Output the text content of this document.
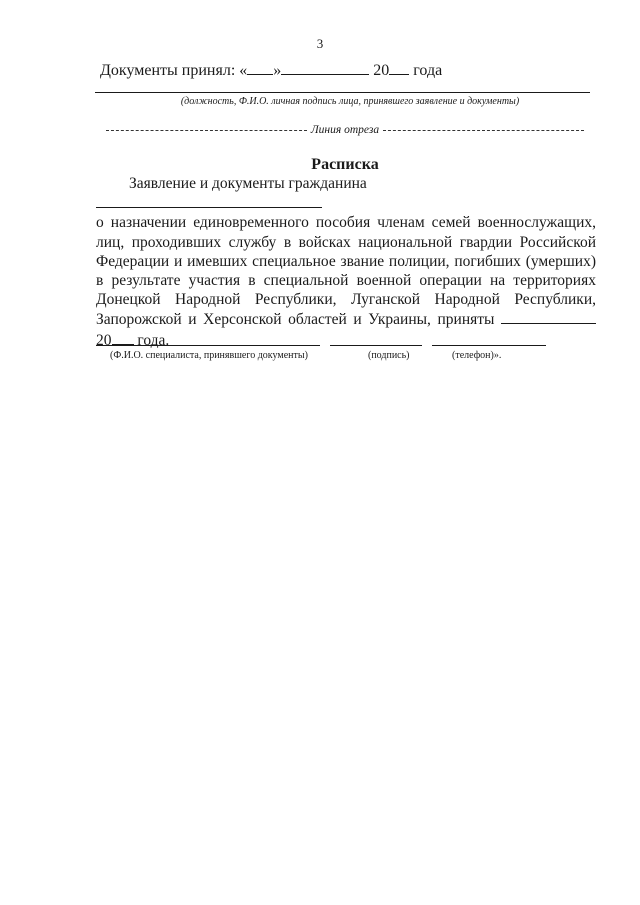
3
Документы принял: « »	20 года
(должность, Ф.И.О. личная подпись лица, принявшего заявление и документы)
Линия отреза
Расписка
Заявление и документы гражданина
о назначении единовременного пособия членам семей военнослужащих, лиц, проходивших службу в войсках национальной гвардии Российской Федерации и имевших специальное звание полиции, погибших (умерших) в результате участия в специальной военной операции на территориях Донецкой Народной Республики, Луганской Народной Республики, Запорожской и Херсонской областей и Украины, приняты  20 года.
(Ф.И.О. специалиста, принявшего документы)	(подпись)	(телефон)».
